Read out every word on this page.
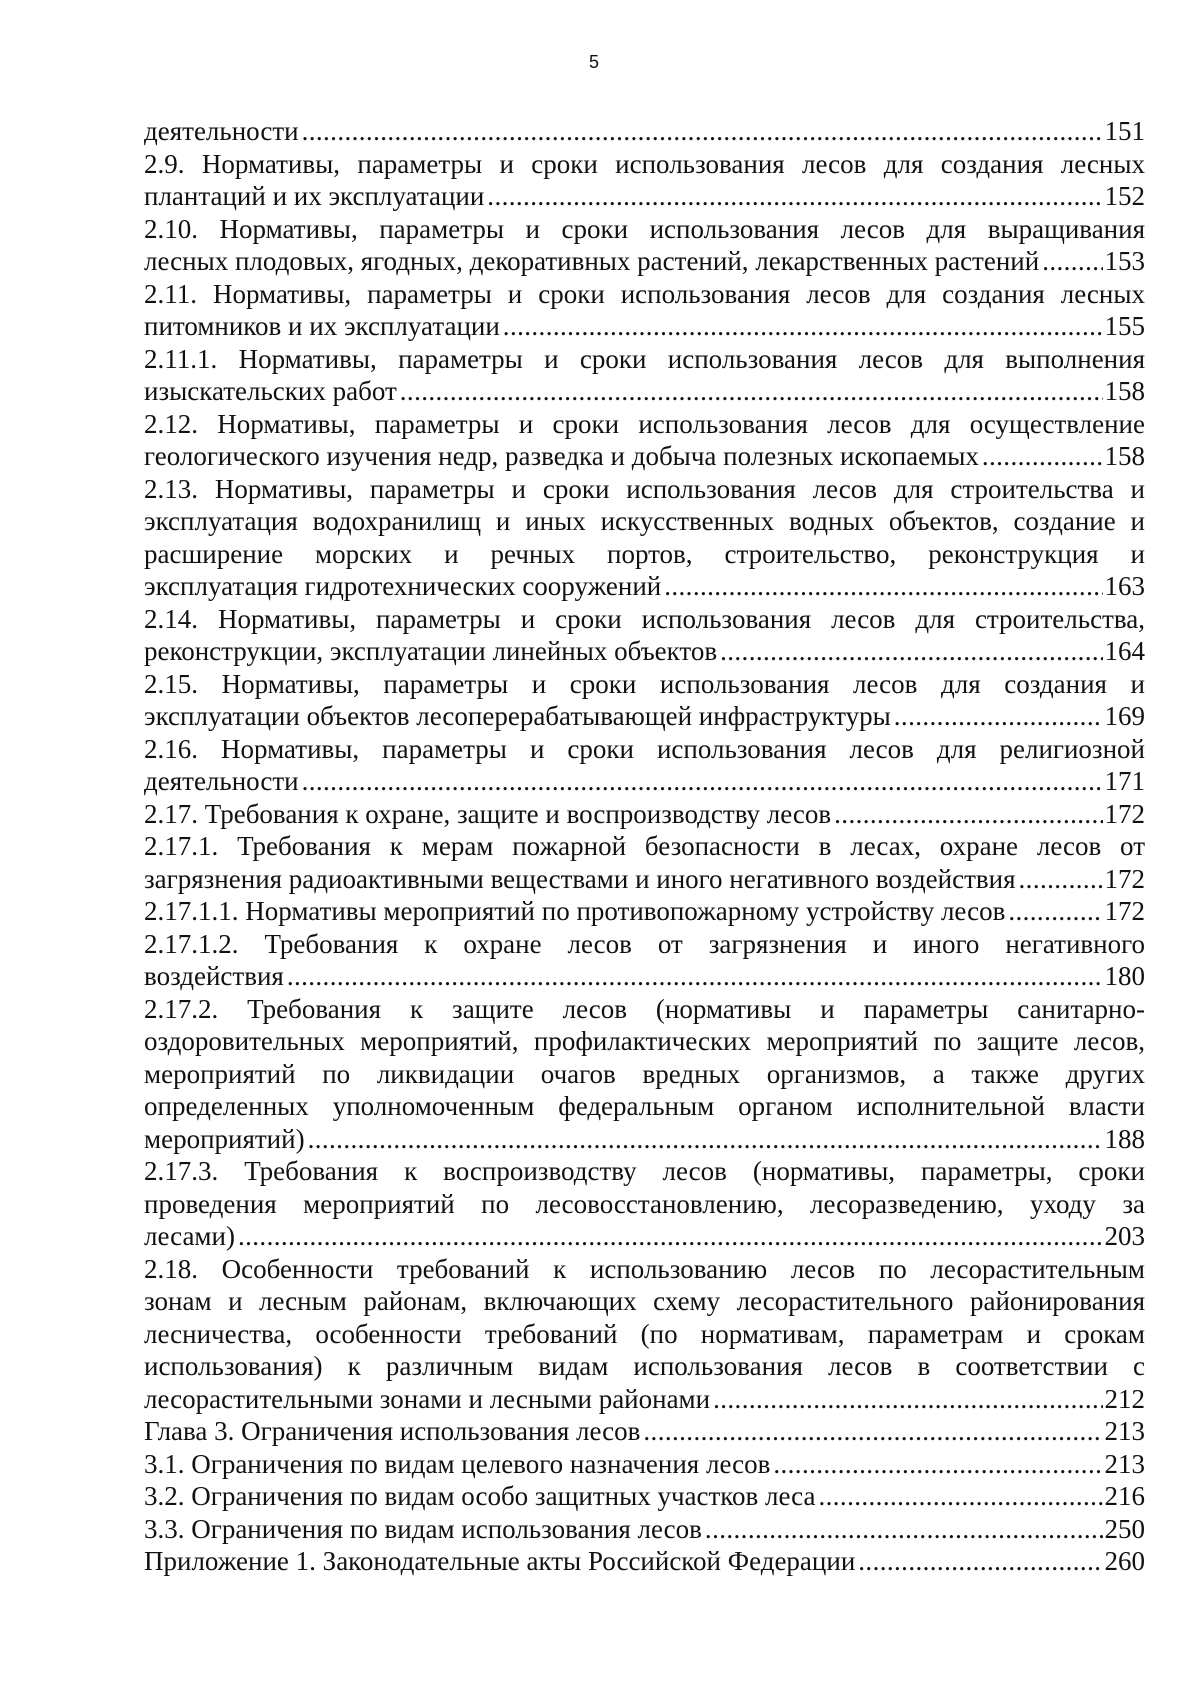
5
деятельности .....	151
2.9. Нормативы, параметры и сроки использования лесов для создания лесных
плантаций и их эксплуатации .....	152
2.10. Нормативы, параметры и сроки использования лесов для выращивания
лесных плодовых, ягодных, декоративных растений, лекарственных растений ..... 153
2.11. Нормативы, параметры и сроки использования лесов для создания лесных
питомников и их эксплуатации .....	155
2.11.1. Нормативы, параметры и сроки использования лесов для выполнения
изыскательских работ .....	158
2.12. Нормативы, параметры и сроки использования лесов для осуществление
геологического изучения недр, разведка и добыча полезных ископаемых .....	158
2.13. Нормативы, параметры и сроки использования лесов для строительства и
эксплуатация водохранилищ и иных искусственных водных объектов, создание и
расширение морских и речных портов, строительство, реконструкция и
эксплуатация гидротехнических сооружений .....	163
2.14. Нормативы, параметры и сроки использования лесов для строительства,
реконструкции, эксплуатации линейных объектов .....	164
2.15. Нормативы, параметры и сроки использования лесов для создания и
эксплуатации объектов лесоперерабатывающей инфраструктуры .....	169
2.16. Нормативы, параметры и сроки использования лесов для религиозной
деятельности .....	171
2.17. Требования к охране, защите и воспроизводству лесов .....	172
2.17.1. Требования к мерам пожарной безопасности в лесах, охране лесов от
загрязнения радиоактивными веществами и иного негативного воздействия .....	172
2.17.1.1. Нормативы мероприятий по противопожарному устройству лесов .....	172
2.17.1.2. Требования к охране лесов от загрязнения и иного негативного
воздействия .....	180
2.17.2. Требования к защите лесов (нормативы и параметры санитарно-
оздоровительных мероприятий, профилактических мероприятий по защите лесов,
мероприятий по ликвидации очагов вредных организмов, а также других
определенных уполномоченным федеральным органом исполнительной власти
мероприятий) .....	188
2.17.3. Требования к воспроизводству лесов (нормативы, параметры, сроки
проведения мероприятий по лесовосстановлению, лесоразведению, уходу за
лесами) .....	203
2.18. Особенности требований к использованию лесов по лесорастительным
зонам и лесным районам, включающих схему лесорастительного районирования
лесничества, особенности требований (по нормативам, параметрам и срокам
использования) к различным видам использования лесов в соответствии с
лесорастительными зонами и лесными районами .....	212
Глава 3. Ограничения использования лесов .....	213
3.1. Ограничения по видам целевого назначения лесов .....	213
3.2. Ограничения по видам особо защитных участков леса .....	216
3.3. Ограничения по видам использования лесов .....	250
Приложение 1. Законодательные акты Российской Федерации .....	260
